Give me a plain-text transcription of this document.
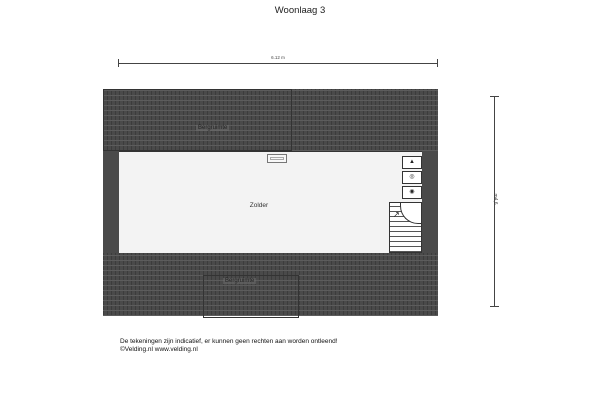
Woonlaag 3
6.12 m
m4,6
Bergruimte
Zolder
▲
◎
◉
↗
Bergruimte
De tekeningen zijn indicatief, er kunnen geen rechten aan worden ontleend!
©Velding.nl www.velding.nl
